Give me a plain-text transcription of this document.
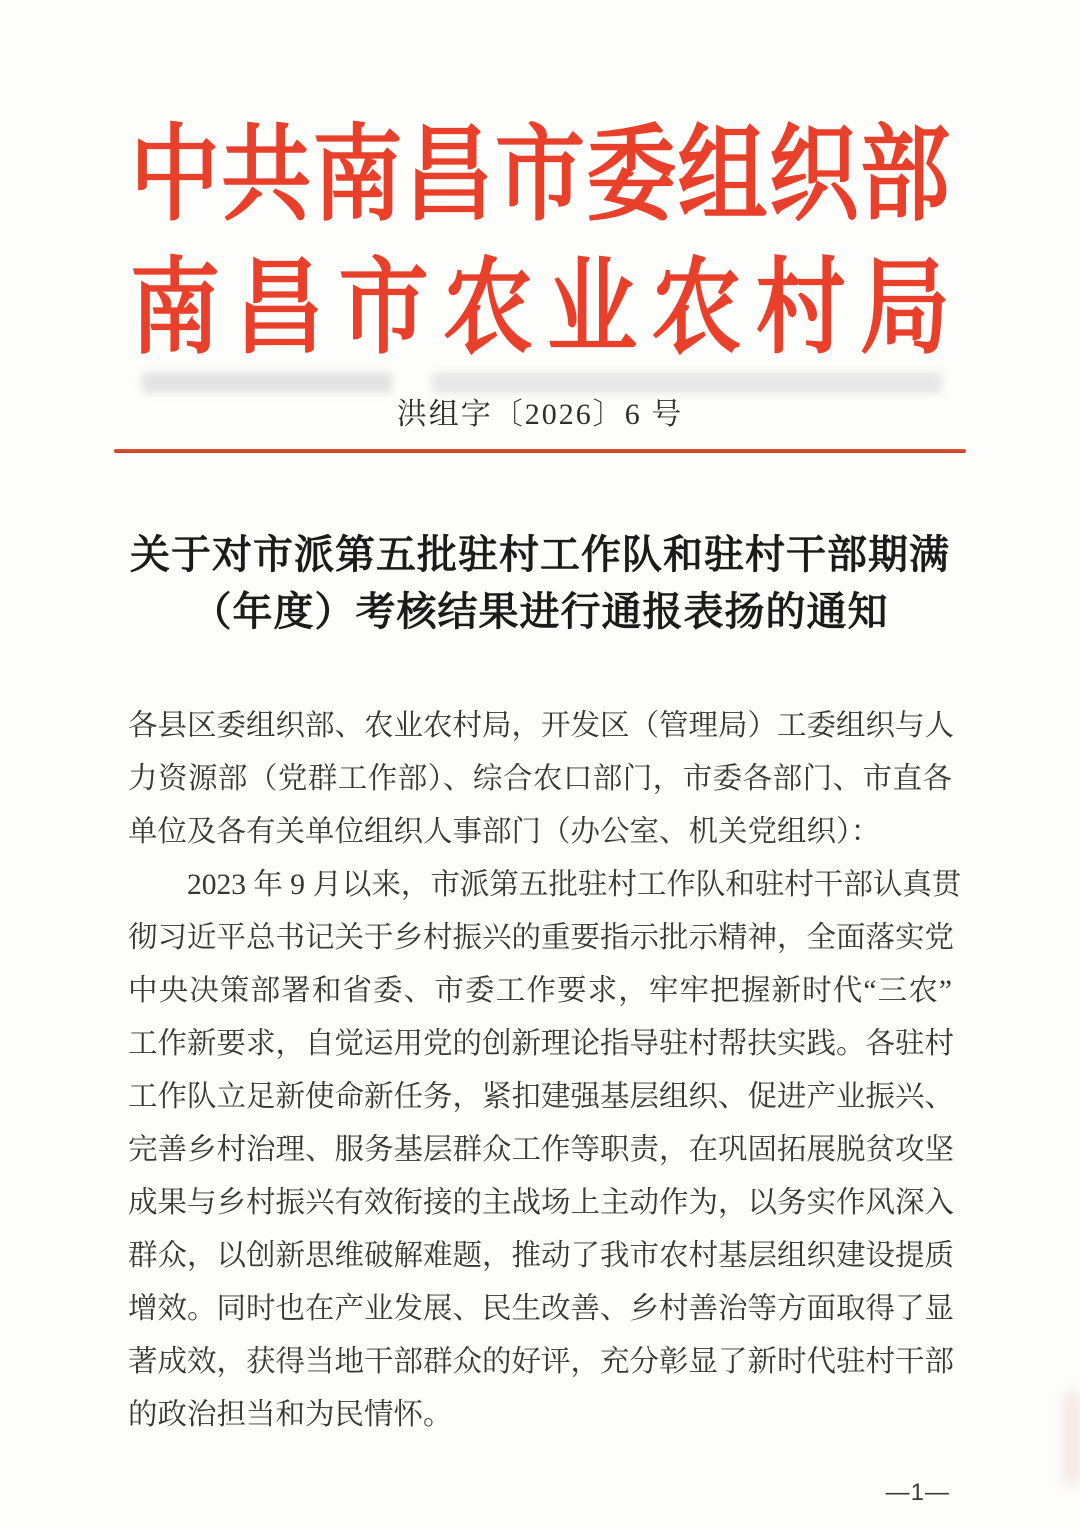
中 共 南 昌 市 委 组 织 部
南 昌 市 农 业 农 村 局
洪组字〔2026〕6 号
关于对市派第五批驻村工作队和驻村干部期满
（年度）考核结果进行通报表扬的通知
各县区委组织部、农业农村局，开发区（管理局）工委组织与人
力资源部（党群工作部）、综合农口部门，市委各部门、市直各
单位及各有关单位组织人事部门（办公室、机关党组织）：
2023 年 9 月以来，市派第五批驻村工作队和驻村干部认真贯
彻习近平总书记关于乡村振兴的重要指示批示精神，全面落实党
中央决策部署和省委、市委工作要求，牢牢把握新时代“三农”
工作新要求，自觉运用党的创新理论指导驻村帮扶实践。各驻村
工作队立足新使命新任务，紧扣建强基层组织、促进产业振兴、
完善乡村治理、服务基层群众工作等职责，在巩固拓展脱贫攻坚
成果与乡村振兴有效衔接的主战场上主动作为，以务实作风深入
群众，以创新思维破解难题，推动了我市农村基层组织建设提质
增效。同时也在产业发展、民生改善、乡村善治等方面取得了显
著成效，获得当地干部群众的好评，充分彰显了新时代驻村干部
的政治担当和为民情怀。
—1—
